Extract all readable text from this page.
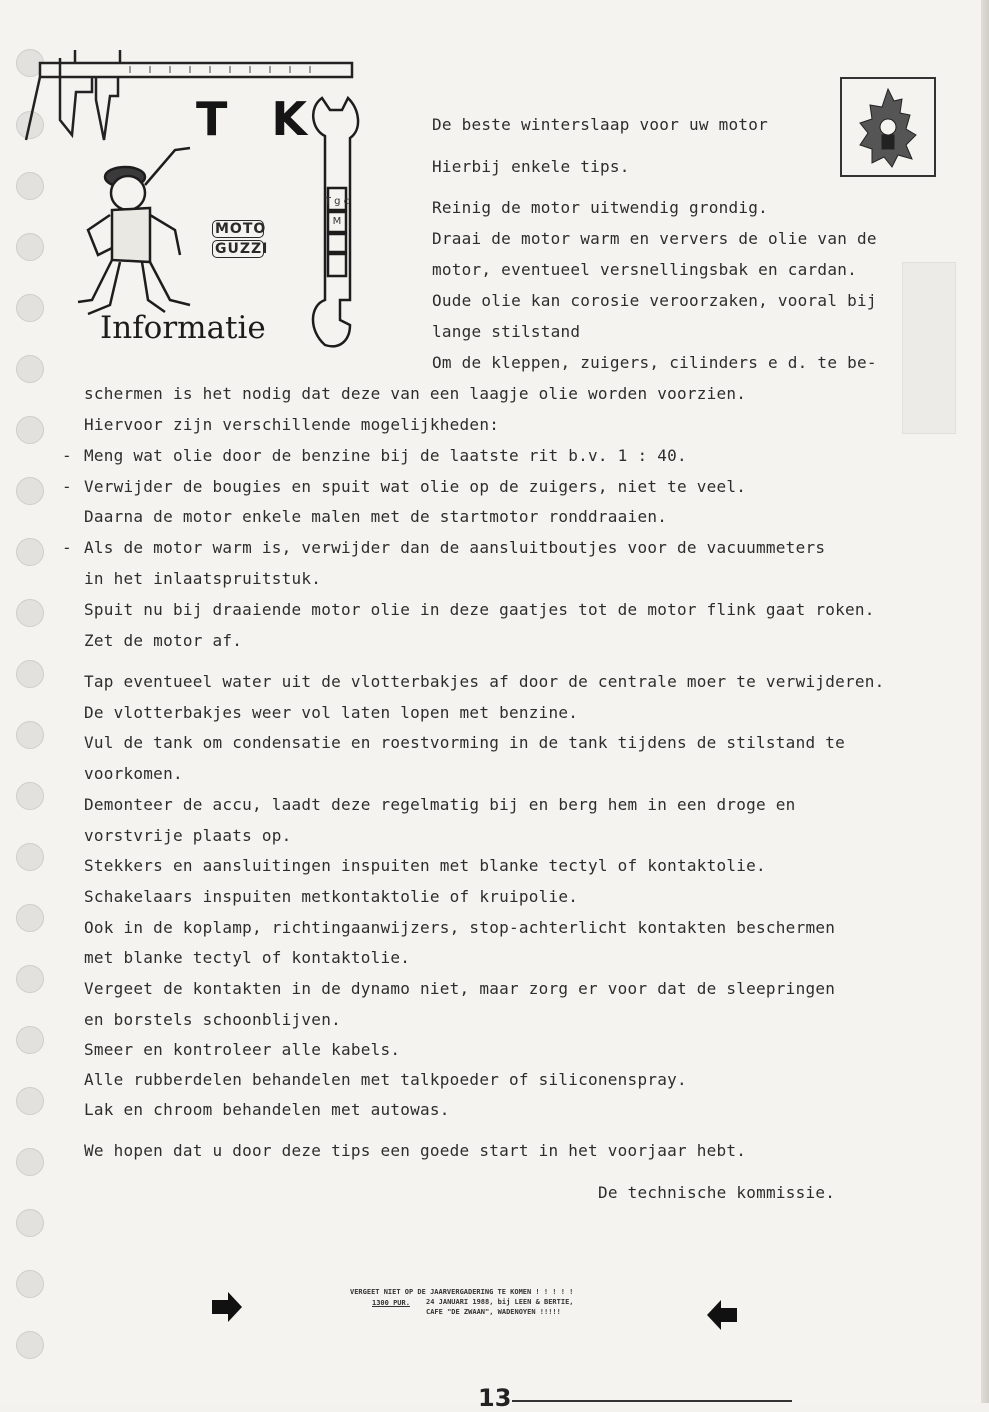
T K
MOTO
GUZZI
Informatie
T g c M
De beste winterslaap voor uw motor
Hierbij enkele tips.
Reinig de motor uitwendig grondig.
Draai de motor warm en ververs de olie van de
motor, eventueel versnellingsbak en cardan.
Oude olie kan corosie veroorzaken, vooral bij
lange stilstand
Om de kleppen, zuigers, cilinders e d. te be-
schermen is het nodig dat deze van een laagje olie worden voorzien.
Hiervoor zijn verschillende mogelijkheden:
- Meng wat olie door de benzine bij de laatste rit b.v. 1 : 40.
- Verwijder de bougies en spuit wat olie op de zuigers, niet te veel.
Daarna de motor enkele malen met de startmotor ronddraaien.
- Als de motor warm is, verwijder dan de aansluitboutjes voor de vacuummeters
in het inlaatspruitstuk.
Spuit nu bij draaiende motor olie in deze gaatjes tot de motor flink gaat roken.
Zet de motor af.
Tap eventueel water uit de vlotterbakjes af door de centrale moer te verwijderen.
De vlotterbakjes weer vol laten lopen met benzine.
Vul de tank om condensatie en roestvorming in de tank tijdens de stilstand te
voorkomen.
Demonteer de accu, laadt deze regelmatig bij en berg hem in een droge en
vorstvrije plaats op.
Stekkers en aansluitingen inspuiten met blanke tectyl of kontaktolie.
Schakelaars inspuiten metkontaktolie of kruipolie.
Ook in de koplamp, richtingaanwijzers, stop-achterlicht kontakten beschermen
met blanke tectyl of kontaktolie.
Vergeet de kontakten in de dynamo niet, maar zorg er voor dat de sleepringen
en borstels schoonblijven.
Smeer en kontroleer alle kabels.
Alle rubberdelen behandelen met talkpoeder of siliconenspray.
Lak en chroom behandelen met autowas.
We hopen dat u door deze tips een goede start in het voorjaar hebt.
De technische kommissie.
VERGEET NIET OP DE JAARVERGADERING TE KOMEN ! ! ! ! !
24 JANUARI 1988, bij LEEN & BERTIE,
CAFE "DE ZWAAN", WADENOYEN !!!!!
1300 PUR.
13
